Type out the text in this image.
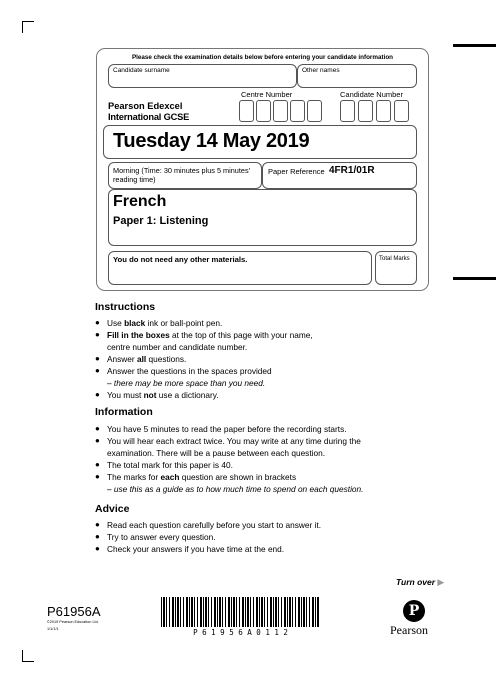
Please check the examination details below before entering your candidate information
Candidate surname	Other names
Pearson Edexcel
International GCSE
Centre Number	Candidate Number
Tuesday 14 May 2019
Morning (Time: 30 minutes plus 5 minutes' reading time)
Paper Reference 4FR1/01R
French
Paper 1: Listening
You do not need any other materials.	Total Marks
Instructions
● Use black ink or ball-point pen.
● Fill in the boxes at the top of this page with your name,
centre number and candidate number.
● Answer all questions.
● Answer the questions in the spaces provided
– there may be more space than you need.
● You must not use a dictionary.
Information
● You have 5 minutes to read the paper before the recording starts.
● You will hear each extract twice. You may write at any time during the
examination. There will be a pause between each question.
● The total mark for this paper is 40.
● The marks for each question are shown in brackets
– use this as a guide as to how much time to spend on each question.
Advice
● Read each question carefully before you start to answer it.
● Try to answer every question.
● Check your answers if you have time at the end.
Turn over ▶
P61956A
©2019 Pearson Education Ltd.
1/1/1/1	P 6 1 9 5 6 A 0 1 1 2
P
Pearson
